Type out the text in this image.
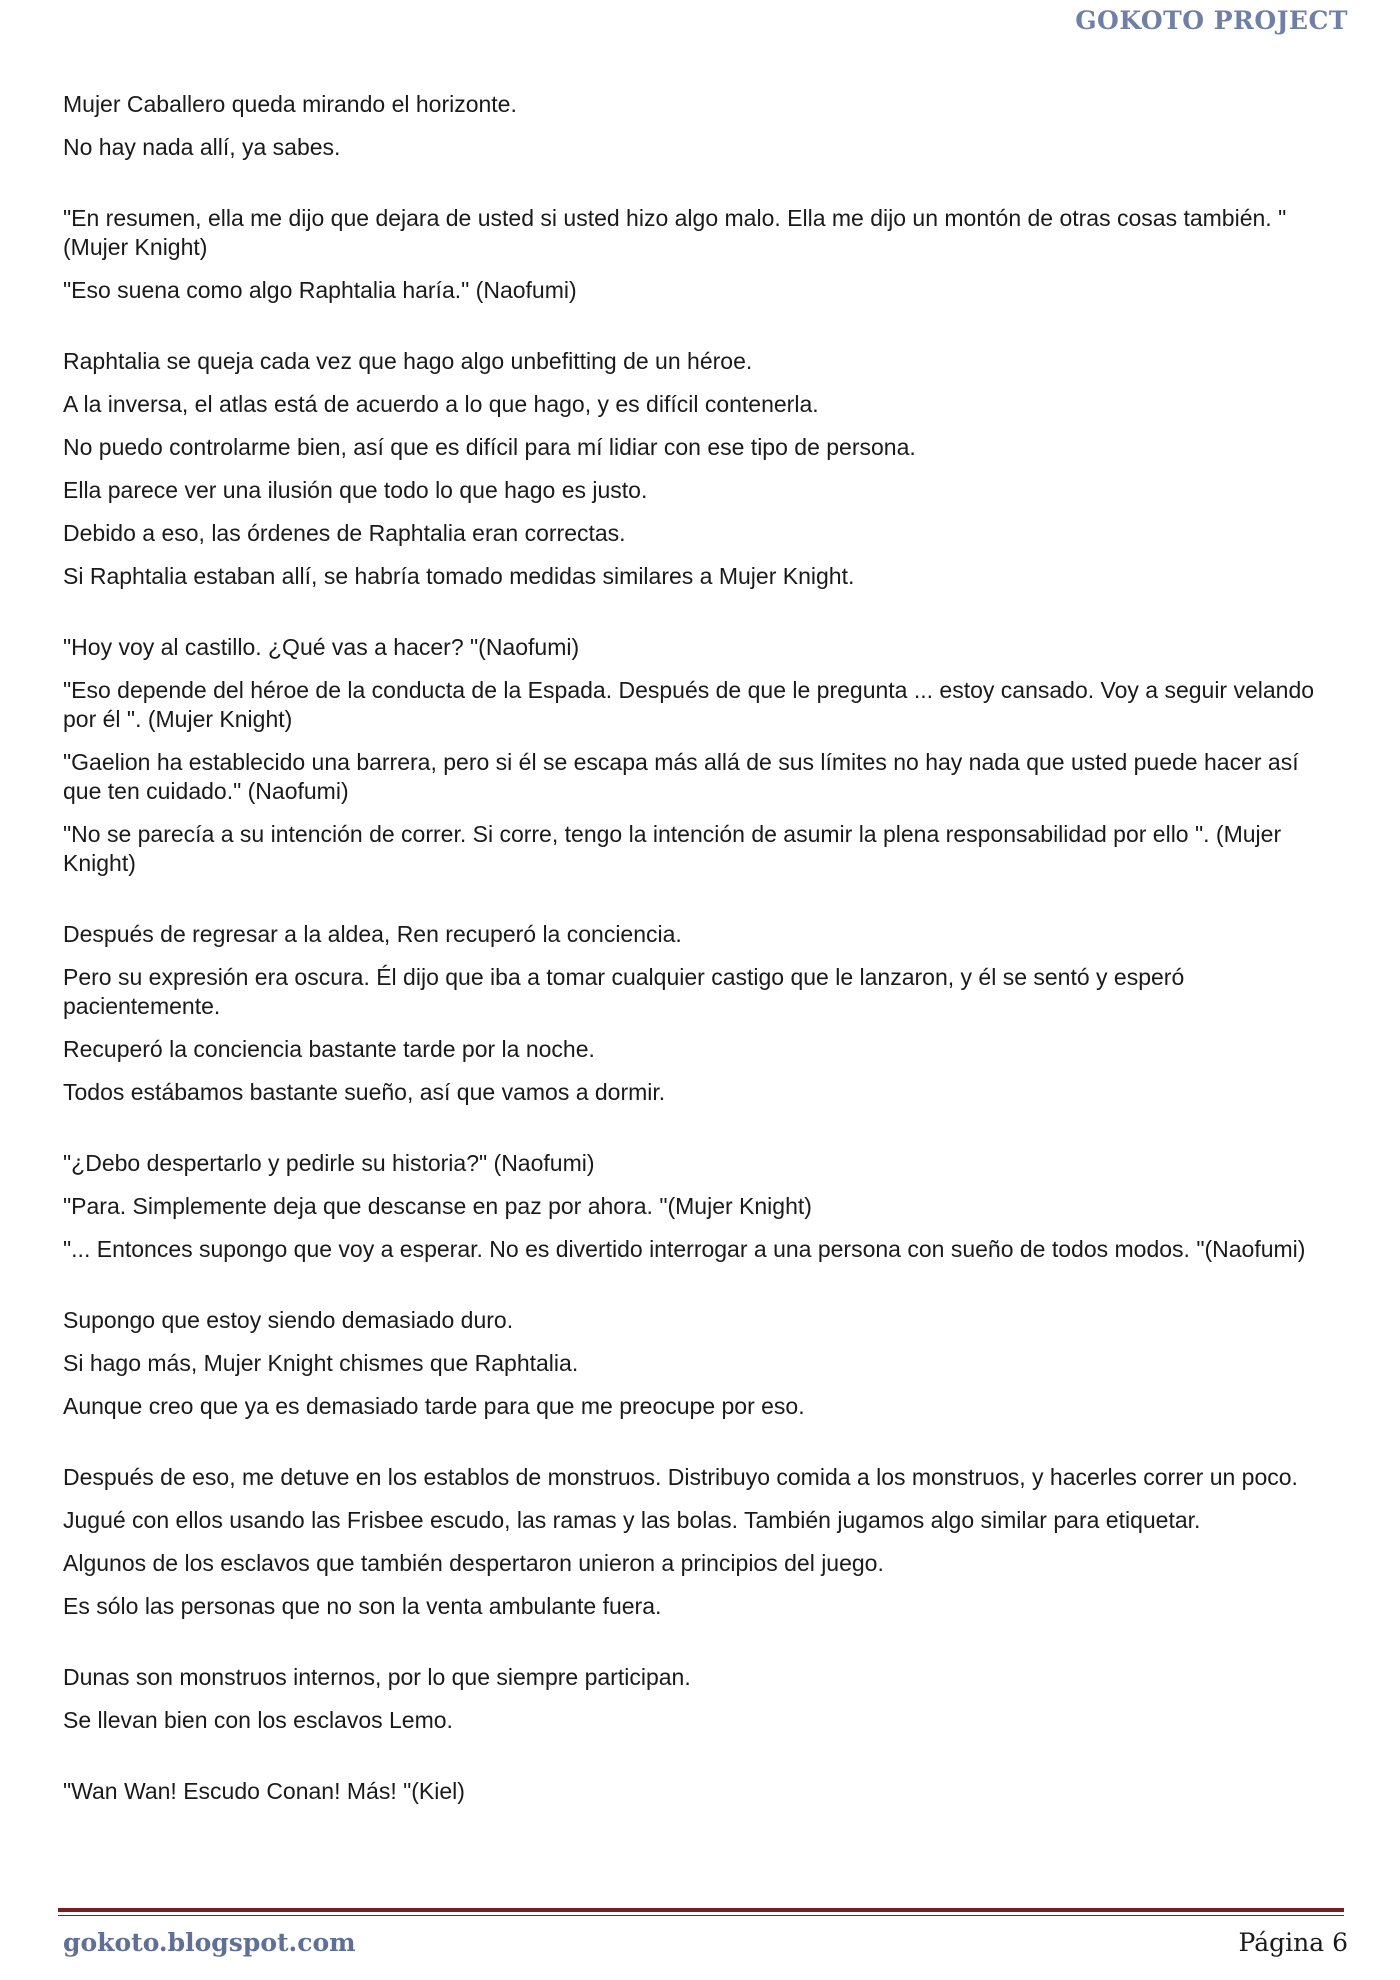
GOKOTO PROJECT

Mujer Caballero queda mirando el horizonte.

No hay nada allí, ya sabes.

"En resumen, ella me dijo que dejara de usted si usted hizo algo malo. Ella me dijo un montón de otras cosas también. "(Mujer Knight)

"Eso suena como algo Raphtalia haría." (Naofumi)

Raphtalia se queja cada vez que hago algo unbefitting de un héroe.

A la inversa, el atlas está de acuerdo a lo que hago, y es difícil contenerla.

No puedo controlarme bien, así que es difícil para mí lidiar con ese tipo de persona.

Ella parece ver una ilusión que todo lo que hago es justo.

Debido a eso, las órdenes de Raphtalia eran correctas.

Si Raphtalia estaban allí, se habría tomado medidas similares a Mujer Knight.

"Hoy voy al castillo. ¿Qué vas a hacer? "(Naofumi)

"Eso depende del héroe de la conducta de la Espada. Después de que le pregunta ... estoy cansado. Voy a seguir velando por él ". (Mujer Knight)

"Gaelion ha establecido una barrera, pero si él se escapa más allá de sus límites no hay nada que usted puede hacer así que ten cuidado." (Naofumi)

"No se parecía a su intención de correr. Si corre, tengo la intención de asumir la plena responsabilidad por ello ". (Mujer Knight)

Después de regresar a la aldea, Ren recuperó la conciencia.

Pero su expresión era oscura. Él dijo que iba a tomar cualquier castigo que le lanzaron, y él se sentó y esperó pacientemente.

Recuperó la conciencia bastante tarde por la noche.

Todos estábamos bastante sueño, así que vamos a dormir.

"¿Debo despertarlo y pedirle su historia?" (Naofumi)

"Para. Simplemente deja que descanse en paz por ahora. "(Mujer Knight)

"... Entonces supongo que voy a esperar. No es divertido interrogar a una persona con sueño de todos modos. "(Naofumi)

Supongo que estoy siendo demasiado duro.

Si hago más, Mujer Knight chismes que Raphtalia.

Aunque creo que ya es demasiado tarde para que me preocupe por eso.

Después de eso, me detuve en los establos de monstruos. Distribuyo comida a los monstruos, y hacerles correr un poco.

Jugué con ellos usando las Frisbee escudo, las ramas y las bolas. También jugamos algo similar para etiquetar.

Algunos de los esclavos que también despertaron unieron a principios del juego.

Es sólo las personas que no son la venta ambulante fuera.

Dunas son monstruos internos, por lo que siempre participan.

Se llevan bien con los esclavos Lemo.

"Wan Wan! Escudo Conan! Más! "(Kiel)

gokoto.blogspot.com	Página 6
